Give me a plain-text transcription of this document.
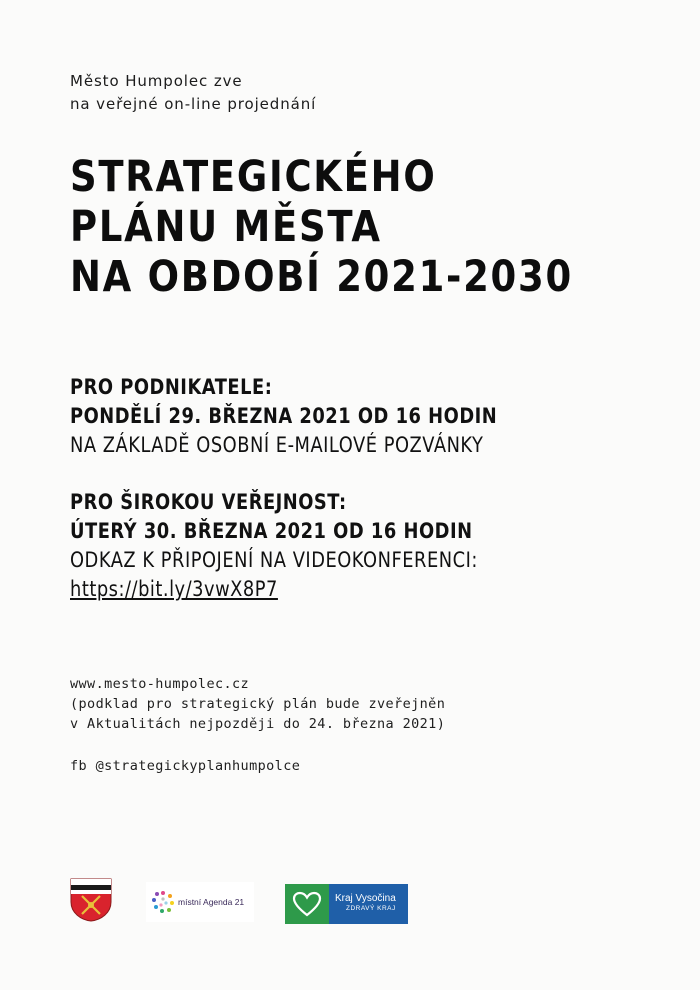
Město Humpolec zve
na veřejné on-line projednání
STRATEGICKÉHO
PLÁNU MĚSTA
NA OBDOBÍ 2021-2030
PRO PODNIKATELE:
PONDĚLÍ 29. BŘEZNA 2021 OD 16 HODIN
NA ZÁKLADĚ OSOBNÍ E-MAILOVÉ POZVÁNKY
PRO ŠIROKOU VEŘEJNOST:
ÚTERÝ 30. BŘEZNA 2021 OD 16 HODIN
ODKAZ K PŘIPOJENÍ NA VIDEOKONFERENCI:
https://bit.ly/3vwX8P7
www.mesto-humpolec.cz
(podklad pro strategický plán bude zveřejněn
v Aktualitách nejpozději do 24. března 2021)
fb @strategickyplanhumpolce
místní Agenda 21	Kraj Vysočina
ZDRAVÝ KRAJ
